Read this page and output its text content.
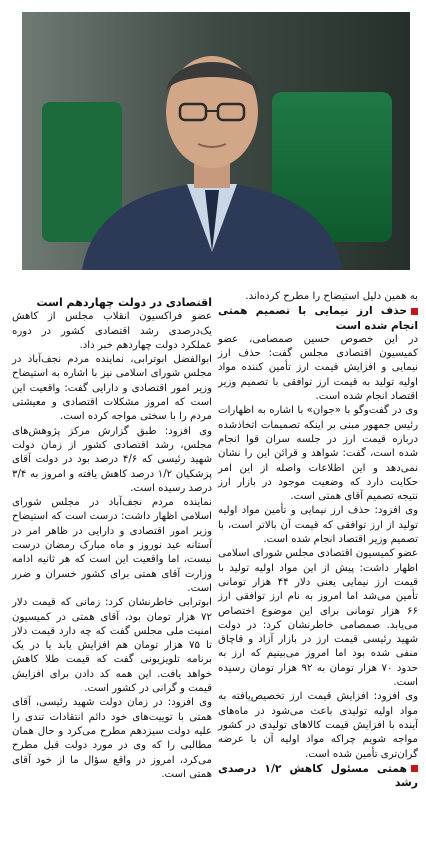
به همین دلیل استیضاح را مطرح کرده‌اند.

حذف ارز نیمایی با تصمیم همتی انجام شده است

در این خصوص حسین صمصامی، عضو کمیسیون اقتصادی مجلس گفت: حذف ارز نیمایی و افزایش قیمت ارز تأمین کننده مواد اولیه تولید به قیمت ارز توافقی با تصمیم وزیر اقتصاد انجام شده است.

وی در گفت‌وگو با «جوان» با اشاره به اظهارات رئیس جمهور مبنی بر اینکه تصمیمات اتخاذشده درباره قیمت ارز در جلسه سران قوا انجام شده است، گفت: شواهد و قرائن این را نشان نمی‌دهد و این اطلاعات واصله از این امر حکایت دارد که وضعیت موجود در بازار ارز نتیجه تصمیم آقای همتی است.

وی افزود: حذف ارز نیمایی و تأمین مواد اولیه تولید از ارز توافقی که قیمت آن بالاتر است، با تصمیم وزیر اقتصاد انجام شده است.

عضو کمیسیون اقتصادی مجلس شورای اسلامی اظهار داشت: پیش از این مواد اولیه تولید با قیمت ارز نیمایی یعنی دلار ۴۴ هزار تومانی تأمین می‌شد اما امروز به نام ارز توافقی ارز ۶۶ هزار تومانی برای این موضوع اختصاص می‌یابد. صمصامی خاطرنشان کرد: در دولت شهید رئیسی قیمت ارز در بازار آزاد و قاچاق منفی شده بود اما امروز می‌بینیم که ارز به حدود ۷۰ هزار تومان به ۹۲ هزار تومان رسیده است.

وی افزود: افزایش قیمت ارز تخصیص‌یافته به مواد اولیه تولیدی باعث می‌شود در ماه‌های آینده با افزایش قیمت کالاهای تولیدی در کشور مواجه شویم چراکه مواد اولیه آن با عرضه گران‌تری تأمین شده است.

همتی مسئول کاهش ۱/۲ درصدی رشد

اقتصادی در دولت چهاردهم است

عضو فراکسیون انقلاب مجلس از کاهش یک‌درصدی رشد اقتصادی کشور در دوره عملکرد دولت چهاردهم خبر داد.

ابوالفضل ابوترابی، نماینده مردم نجف‌آباد در مجلس شورای اسلامی نیز با اشاره به استیضاح وزیر امور اقتصادی و دارایی گفت: واقعیت این است که امروز مشکلات اقتصادی و معیشتی مردم را با سختی مواجه کرده است.

وی افزود: طبق گزارش مرکز پژوهش‌های مجلس، رشد اقتصادی کشور از زمان دولت شهید رئیسی که ۴/۶ درصد بود در دولت آقای پزشکیان ۱/۲ درصد کاهش یافته و امروز به ۳/۴ درصد رسیده است.

نماینده مردم نجف‌آباد در مجلس شورای اسلامی اظهار داشت: درست است که استیضاح وزیر امور اقتصادی و دارایی در ظاهر امر در آستانه عید نوروز و ماه مبارک رمضان درست نیست، اما واقعیت این است که هر ثانیه ادامه وزارت آقای همتی برای کشور خسران و ضرر است.

ابوترابی خاطرنشان کرد: زمانی که قیمت دلار ۷۲ هزار تومان بود، آقای همتی در کمیسیون امنیت ملی مجلس گفت که چه دارد قیمت دلار تا ۷۵ هزار تومان هم افزایش یابد یا در یک برنامه تلویزیونی گفت که قیمت طلا کاهش خواهد یافت. این همه کد دادن برای افزایش قیمت و گرانی در کشور است.

وی افزود: در زمان دولت شهید رئیسی، آقای همتی با توییت‌های خود دائم انتقادات تندی را علیه دولت سیزدهم مطرح می‌کرد و حال همان مطالبی را که وی در مورد دولت قبل مطرح می‌کرد، امروز در واقع سؤال ما از خود آقای همتی است.
